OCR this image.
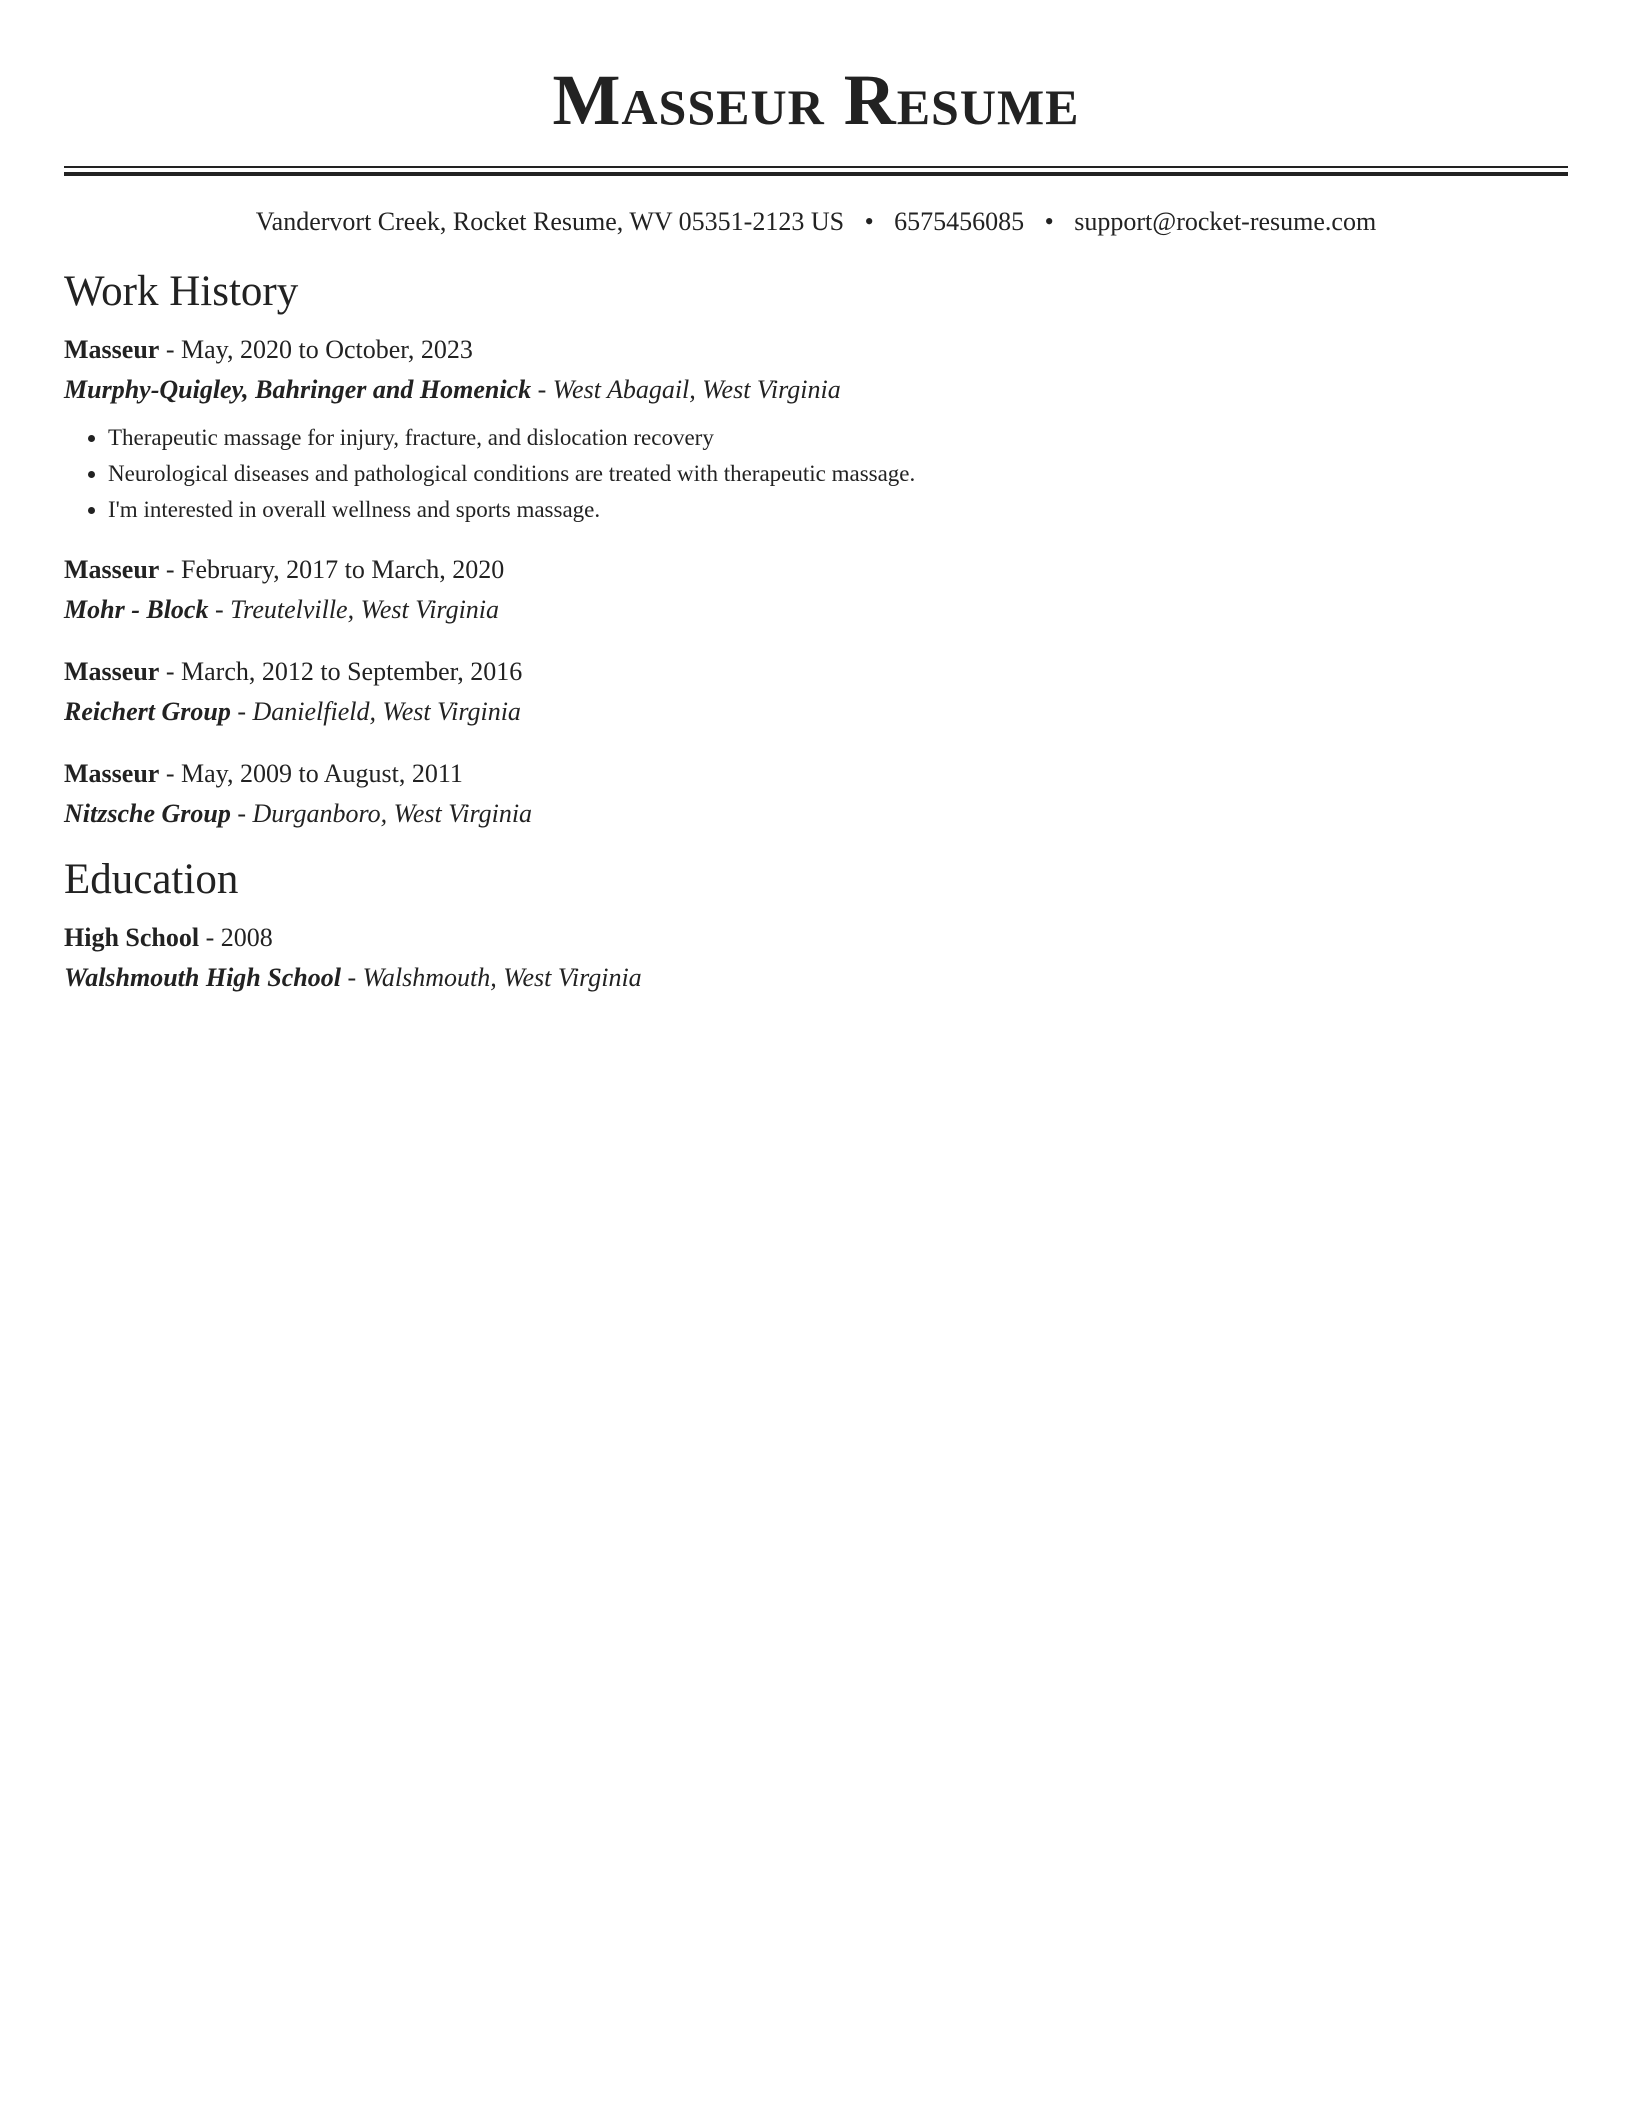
Masseur Resume
Vandervort Creek, Rocket Resume, WV 05351-2123 US • 6575456085 • support@rocket-resume.com
Work History
Masseur - May, 2020 to October, 2023
Murphy-Quigley, Bahringer and Homenick - West Abagail, West Virginia
• Therapeutic massage for injury, fracture, and dislocation recovery
• Neurological diseases and pathological conditions are treated with therapeutic massage.
• I'm interested in overall wellness and sports massage.
Masseur - February, 2017 to March, 2020
Mohr - Block - Treutelville, West Virginia
Masseur - March, 2012 to September, 2016
Reichert Group - Danielfield, West Virginia
Masseur - May, 2009 to August, 2011
Nitzsche Group - Durganboro, West Virginia
Education
High School - 2008
Walshmouth High School - Walshmouth, West Virginia
